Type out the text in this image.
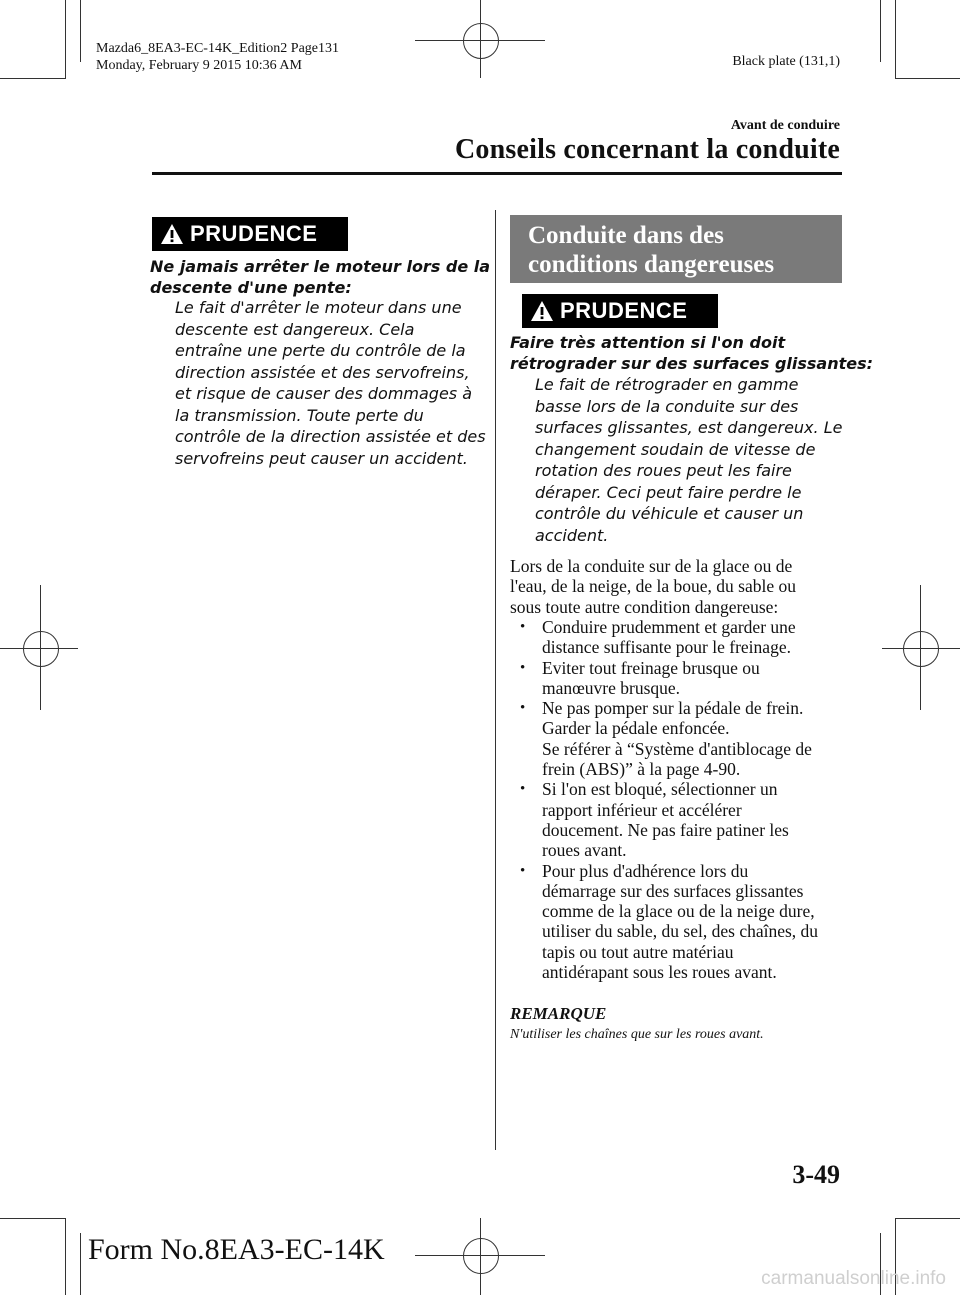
Mazda6_8EA3-EC-14K_Edition2 Page131
Monday, February 9 2015 10:36 AM	Black plate (131,1)
Avant de conduire
Conseils concernant la conduite
PRUDENCE
Ne jamais arrêter le moteur lors de la
descente d'une pente:
Le fait d'arrêter le moteur dans une
descente est dangereux. Cela
entraîne une perte du contrôle de la
direction assistée et des servofreins,
et risque de causer des dommages à
la transmission. Toute perte du
contrôle de la direction assistée et des
servofreins peut causer un accident.
Conduite dans des
conditions dangereuses
PRUDENCE
Faire très attention si l'on doit
rétrograder sur des surfaces glissantes:
Le fait de rétrograder en gamme
basse lors de la conduite sur des
surfaces glissantes, est dangereux. Le
changement soudain de vitesse de
rotation des roues peut les faire
déraper. Ceci peut faire perdre le
contrôle du véhicule et causer un
accident.
Lors de la conduite sur de la glace ou de
l'eau, de la neige, de la boue, du sable ou
sous toute autre condition dangereuse:
• Conduire prudemment et garder une
distance suffisante pour le freinage.
• Eviter tout freinage brusque ou
manœuvre brusque.
• Ne pas pomper sur la pédale de frein.
Garder la pédale enfoncée.
Se référer à “Système d'antiblocage de
frein (ABS)” à la page 4-90.
• Si l'on est bloqué, sélectionner un
rapport inférieur et accélérer
doucement. Ne pas faire patiner les
roues avant.
• Pour plus d'adhérence lors du
démarrage sur des surfaces glissantes
comme de la glace ou de la neige dure,
utiliser du sable, du sel, des chaînes, du
tapis ou tout autre matériau
antidérapant sous les roues avant.
REMARQUE
N'utiliser les chaînes que sur les roues avant.
3-49
Form No.8EA3-EC-14K
carmanualsonline.info
